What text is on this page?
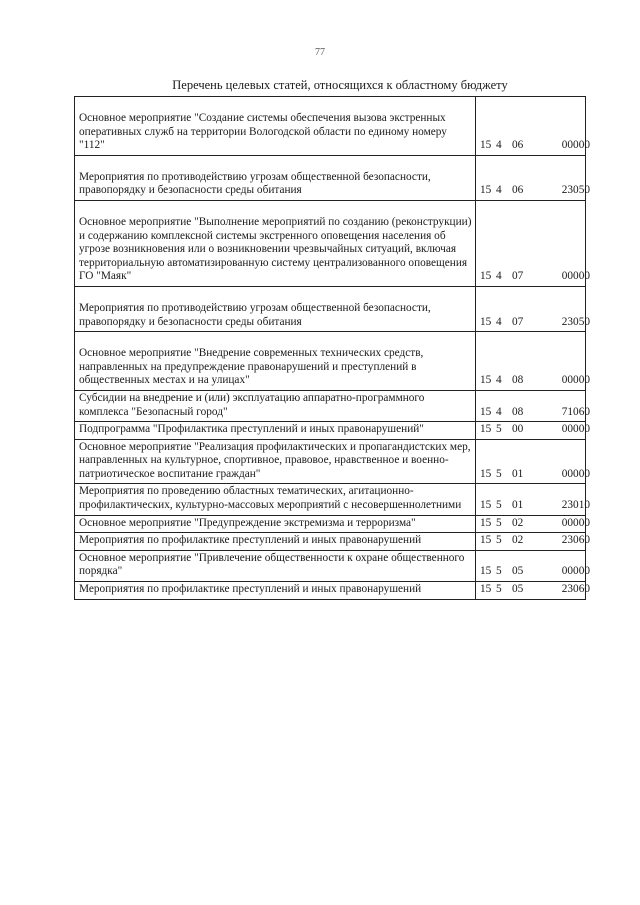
77
Перечень целевых статей, относящихся к областному бюджету
Основное мероприятие "Создание системы обеспечения вызова экстренных оперативных служб на территории Вологодской области по единому номеру "112"	15 4 06 00000

Мероприятия по противодействию угрозам общественной безопасности, правопорядку и безопасности среды обитания	15 4 06 23050

Основное мероприятие "Выполнение мероприятий по созданию (реконструкции) и содержанию комплексной системы экстренного оповещения населения об угрозе возникновения или о возникновении чрезвычайных ситуаций, включая территориальную автоматизированную систему централизованного оповещения ГО "Маяк"	15 4 07 00000

Мероприятия по противодействию угрозам общественной безопасности, правопорядку и безопасности среды обитания	15 4 07 23050

Основное мероприятие "Внедрение современных технических средств, направленных на предупреждение правонарушений и преступлений в общественных местах и на улицах"	15 4 08 00000
Субсидии на внедрение и (или) эксплуатацию аппаратно-программного комплекса "Безопасный город"	15 4 08 71060
Подпрограмма "Профилактика преступлений и иных правонарушений"	15 5 00 00000
Основное мероприятие "Реализация профилактических и пропагандистских мер, направленных на культурное, спортивное, правовое, нравственное и военно-патриотическое воспитание граждан"	15 5 01 00000
Мероприятия по проведению областных тематических, агитационно-профилактических, культурно-массовых мероприятий с несовершеннолетними	15 5 01 23010
Основное мероприятие "Предупреждение экстремизма и терроризма"	15 5 02 00000
Мероприятия по профилактике преступлений и иных правонарушений	15 5 02 23060
Основное мероприятие "Привлечение общественности к охране общественного порядка"	15 5 05 00000
Мероприятия по профилактике преступлений и иных правонарушений	15 5 05 23060
